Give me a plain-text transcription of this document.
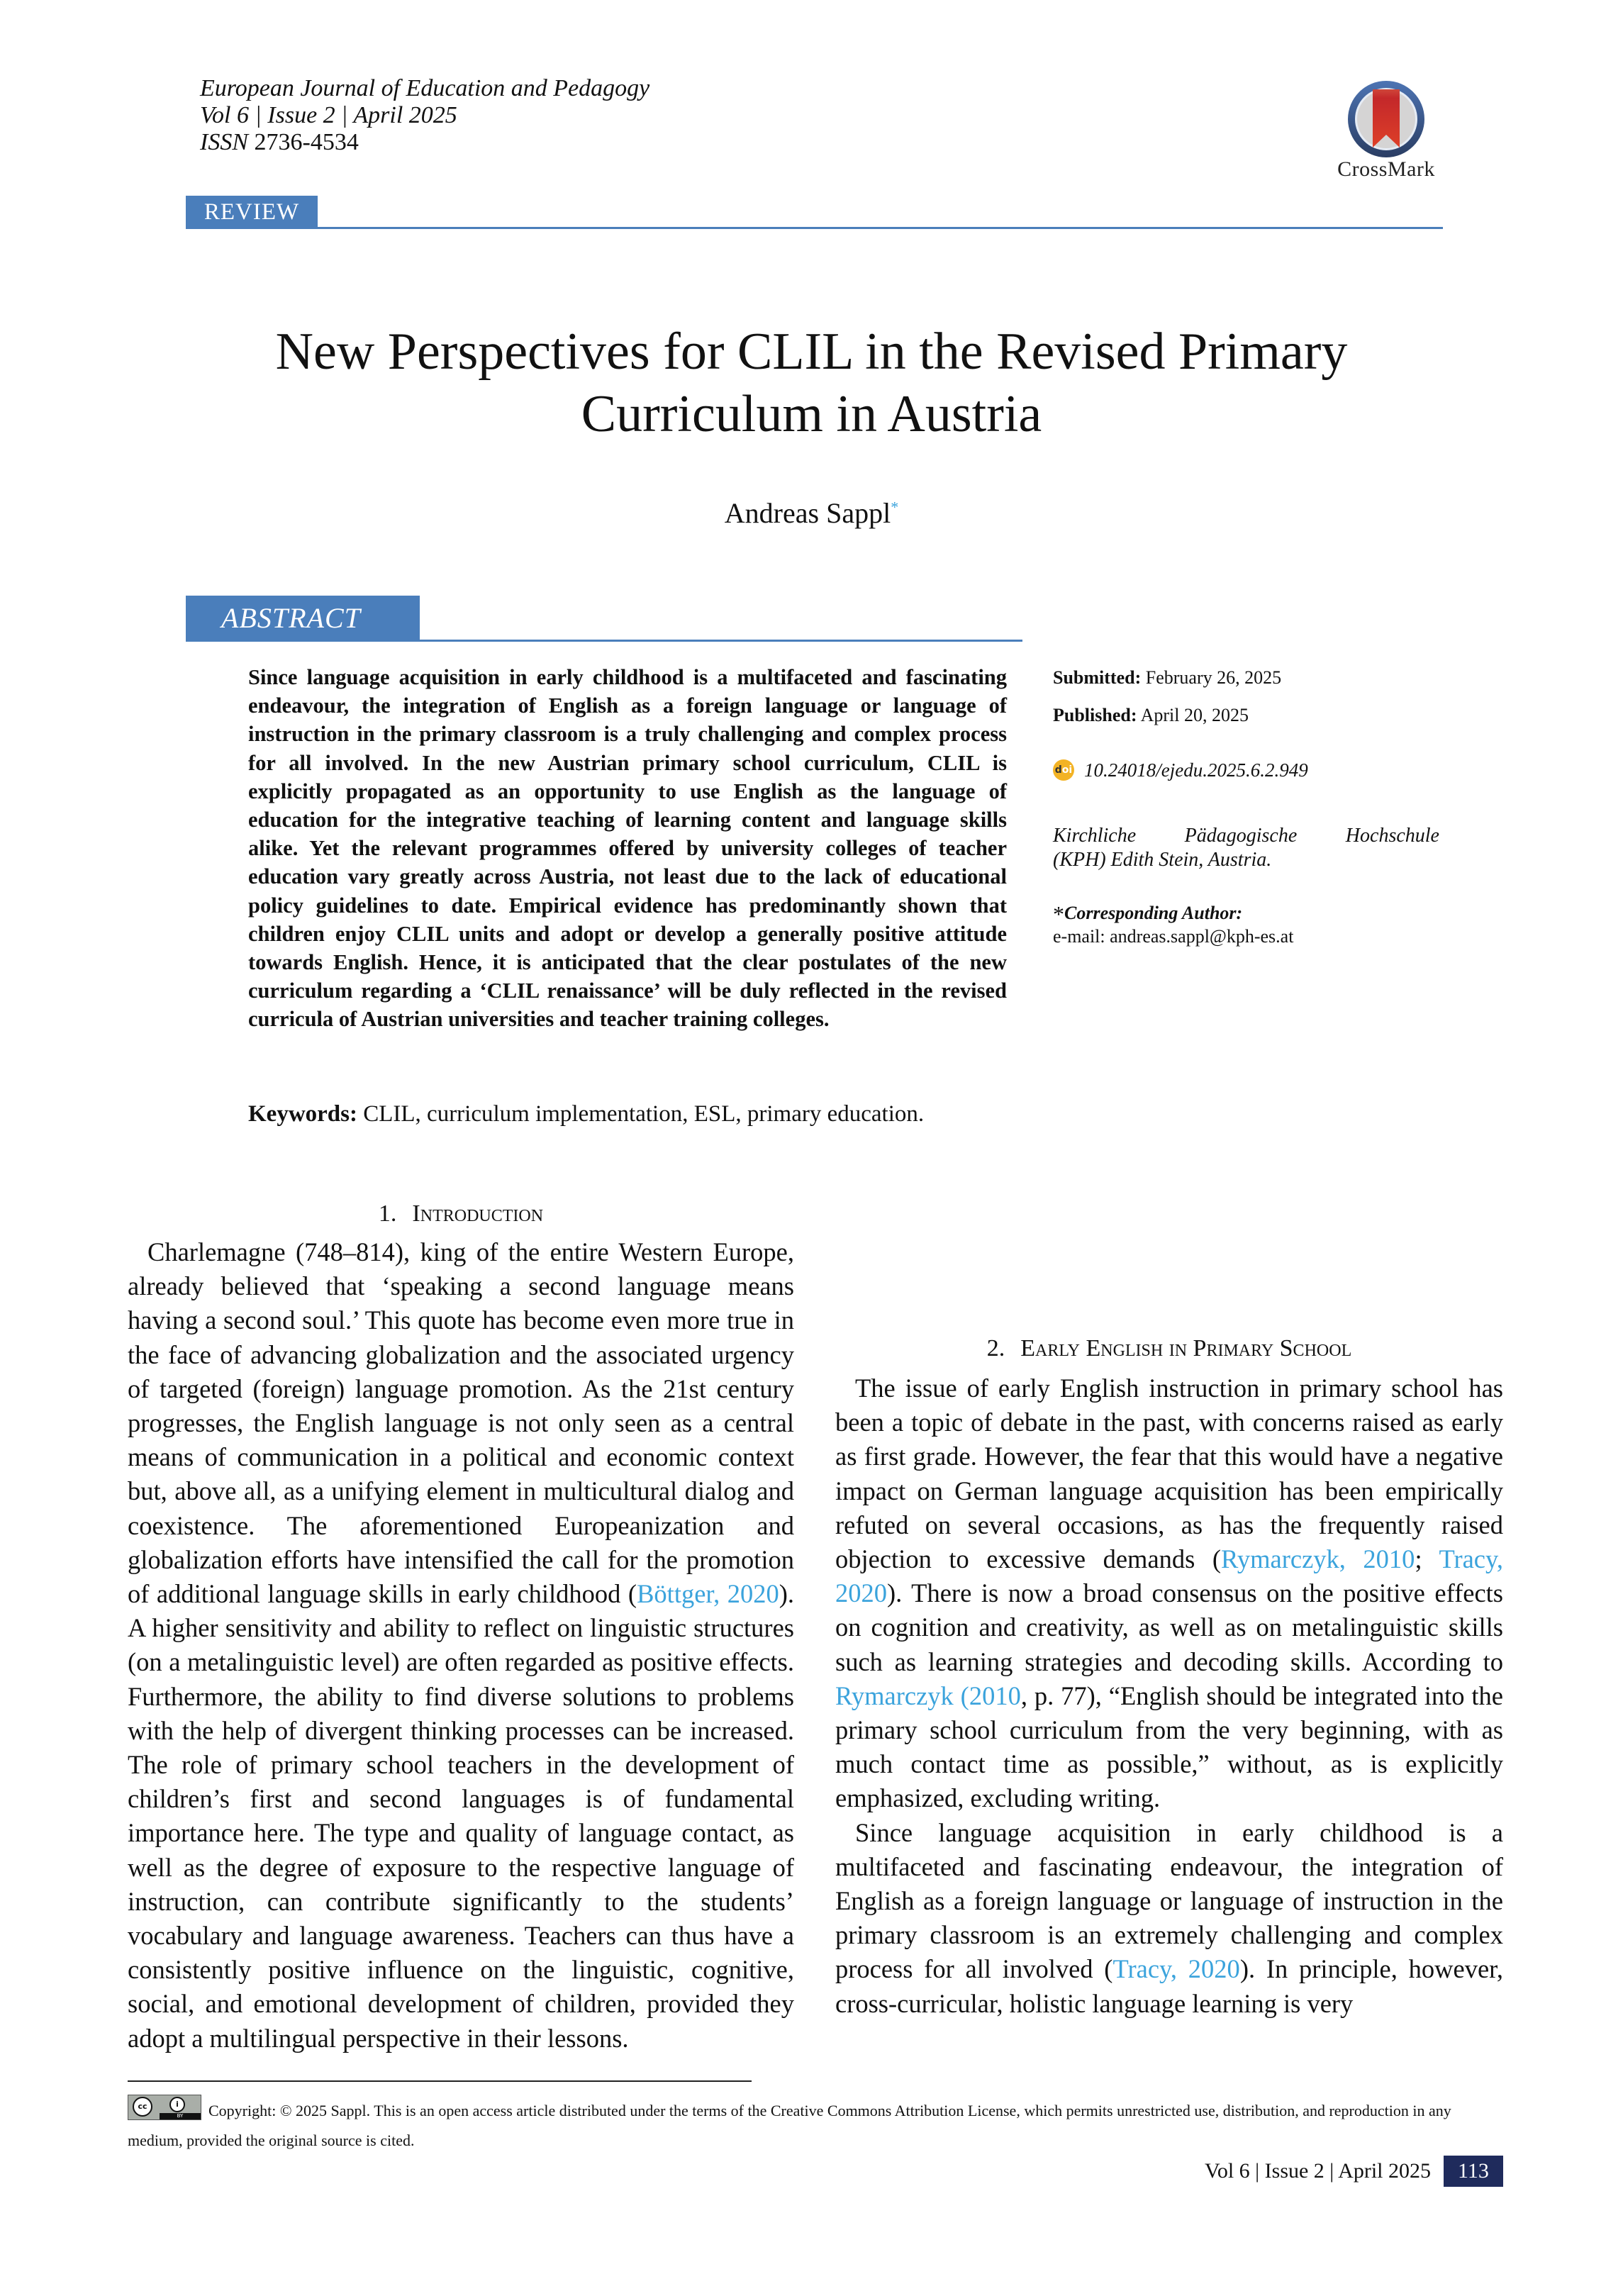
European Journal of Education and Pedagogy
Vol 6 | Issue 2 | April 2025
ISSN 2736-4534
CrossMark
REVIEW
New Perspectives for CLIL in the Revised Primary
Curriculum in Austria
Andreas Sappl*
ABSTRACT
Since language acquisition in early childhood is a multifaceted and fascinating endeavour, the integration of English as a foreign language or language of instruction in the primary classroom is a truly challenging and complex process for all involved. In the new Austrian primary school curriculum, CLIL is explicitly propagated as an opportunity to use English as the language of education for the integrative teaching of learning content and language skills alike. Yet the relevant programmes offered by university colleges of teacher education vary greatly across Austria, not least due to the lack of educational policy guidelines to date. Empirical evidence has predominantly shown that children enjoy CLIL units and adopt or develop a generally positive attitude towards English. Hence, it is anticipated that the clear postulates of the new curriculum regarding a ‘CLIL renaissance’ will be duly reflected in the revised curricula of Austrian universities and teacher training colleges.
Submitted: February 26, 2025
Published: April 20, 2025
d oi 10.24018/ejedu.2025.6.2.949
Kirchliche Pädagogische Hochschule
(KPH) Edith Stein, Austria.
*Corresponding Author:
e-mail: andreas.sappl@kph-es.at
Keywords: CLIL, curriculum implementation, ESL, primary education.
1. Introduction

Charlemagne (748–814), king of the entire Western Europe, already believed that ‘speaking a second language means having a second soul.’ This quote has become even more true in the face of advancing globalization and the associated urgency of targeted (foreign) language promotion. As the 21st century progresses, the English language is not only seen as a central means of communication in a political and economic context but, above all, as a unifying element in multicultural dialog and coexistence. The aforementioned Europeanization and globalization efforts have intensified the call for the promotion of additional language skills in early childhood (Böttger, 2020). A higher sensitivity and ability to reflect on linguistic structures (on a metalinguistic level) are often regarded as positive effects. Furthermore, the ability to find diverse solutions to problems with the help of divergent thinking processes can be increased. The role of primary school teachers in the development of children’s first and second languages is of fundamental importance here. The type and quality of language contact, as well as the degree of exposure to the respective language of instruction, can contribute significantly to the students’ vocabulary and language awareness. Teachers can thus have a consistently positive influence on the linguistic, cognitive, social, and emotional development of children, provided they adopt a multilingual perspective in their lessons.

2. Early English in Primary School

The issue of early English instruction in primary school has been a topic of debate in the past, with concerns raised as early as first grade. However, the fear that this would have a negative impact on German language acquisition has been empirically refuted on several occasions, as has the frequently raised objection to excessive demands (Rymarczyk, 2010; Tracy, 2020). There is now a broad consensus on the positive effects on cognition and creativity, as well as on metalinguistic skills such as learning strategies and decoding skills. According to Rymarczyk (2010, p. 77), “English should be integrated into the primary school curriculum from the very beginning, with as much contact time as possible,” without, as is explicitly emphasized, excluding writing.

Since language acquisition in early childhood is a multifaceted and fascinating endeavour, the integration of English as a foreign language or language of instruction in the primary classroom is an extremely challenging and complex process for all involved (Tracy, 2020). In principle, however, cross-curricular, holistic language learning is very

cc	i
BY	Copyright: © 2025 Sappl. This is an open access article distributed under the terms of the Creative Commons Attribution License, which permits unrestricted use, distribution, and reproduction in any medium, provided the original source is cited.
Vol 6 | Issue 2 | April 2025	113
